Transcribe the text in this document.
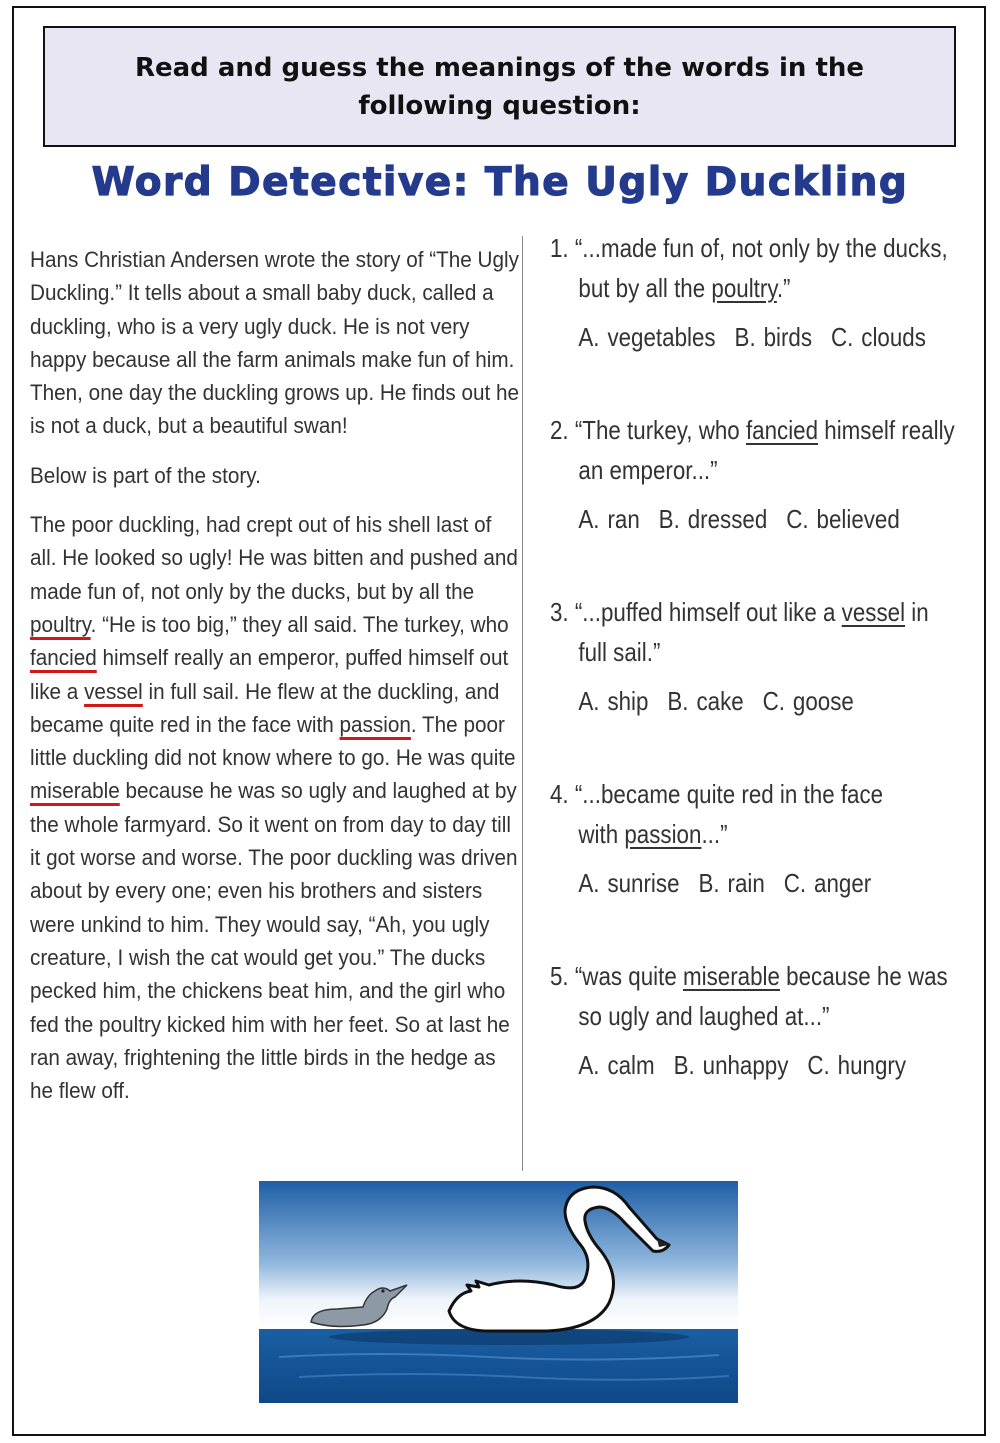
Read and guess the meanings of the words in the following question:
Word Detective: The Ugly Duckling

Hans Christian Andersen wrote the story of “The Ugly Duckling.” It tells about a small baby duck, called a duckling, who is a very ugly duck. He is not very happy because all the farm animals make fun of him. Then, one day the duckling grows up. He finds out he is not a duck, but a beautiful swan!

Below is part of the story.

The poor duckling, had crept out of his shell last of all. He looked so ugly! He was bitten and pushed and made fun of, not only by the ducks, but by all the poultry. “He is too big,” they all said. The turkey, who fancied himself really an emperor, puffed himself out like a vessel in full sail. He flew at the duckling, and became quite red in the face with passion. The poor little duckling did not know where to go. He was quite miserable because he was so ugly and laughed at by the whole farmyard. So it went on from day to day till it got worse and worse. The poor duckling was driven about by every one; even his brothers and sisters were unkind to him. They would say, “Ah, you ugly creature, I wish the cat would get you.” The ducks pecked him, the chickens beat him, and the girl who fed the poultry kicked him with her feet. So at last he ran away, frightening the little birds in the hedge as he flew off.

1. “...made fun of, not only by the ducks,
but by all the poultry.”
A. vegetables B. birds C. clouds
2. “The turkey, who fancied himself really
an emperor...”
A. ran B. dressed C. believed
3. “...puffed himself out like a vessel in
full sail.”
A. ship B. cake C. goose
4. “...became quite red in the face
with passion...”
A. sunrise B. rain C. anger
5. “was quite miserable because he was
so ugly and laughed at...”
A. calm B. unhappy C. hungry
